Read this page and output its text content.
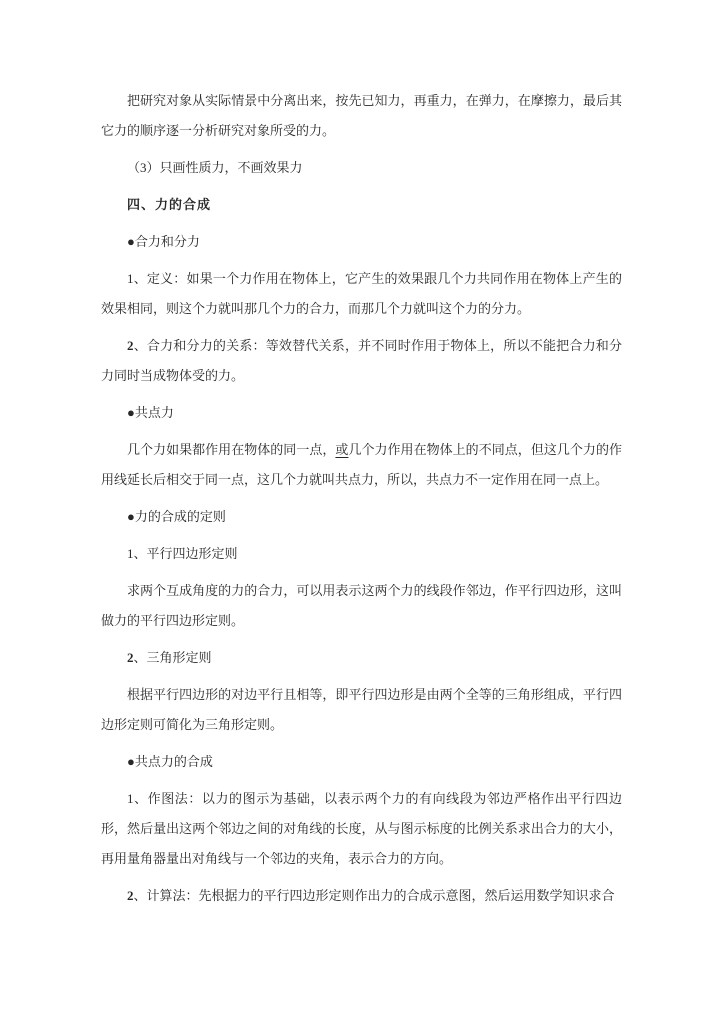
把研究对象从实际情景中分离出来，按先已知力，再重力，在弹力，在摩擦力，最后其它力的顺序逐一分析研究对象所受的力。

（3）只画性质力，不画效果力

四、力的合成

●合力和分力

1、定义：如果一个力作用在物体上，它产生的效果跟几个力共同作用在物体上产生的效果相同，则这个力就叫那几个力的合力，而那几个力就叫这个力的分力。

2、合力和分力的关系：等效替代关系，并不同时作用于物体上，所以不能把合力和分力同时当成物体受的力。

●共点力

几个力如果都作用在物体的同一点，或几个力作用在物体上的不同点，但这几个力的作用线延长后相交于同一点，这几个力就叫共点力，所以，共点力不一定作用在同一点上。

●力的合成的定则

1、平行四边形定则

求两个互成角度的力的合力，可以用表示这两个力的线段作邻边，作平行四边形，这叫做力的平行四边形定则。

2、三角形定则

根据平行四边形的对边平行且相等，即平行四边形是由两个全等的三角形组成，平行四边形定则可简化为三角形定则。

●共点力的合成

1、作图法：以力的图示为基础，以表示两个力的有向线段为邻边严格作出平行四边形，然后量出这两个邻边之间的对角线的长度，从与图示标度的比例关系求出合力的大小，再用量角器量出对角线与一个邻边的夹角，表示合力的方向。

2、计算法：先根据力的平行四边形定则作出力的合成示意图，然后运用数学知识求合
